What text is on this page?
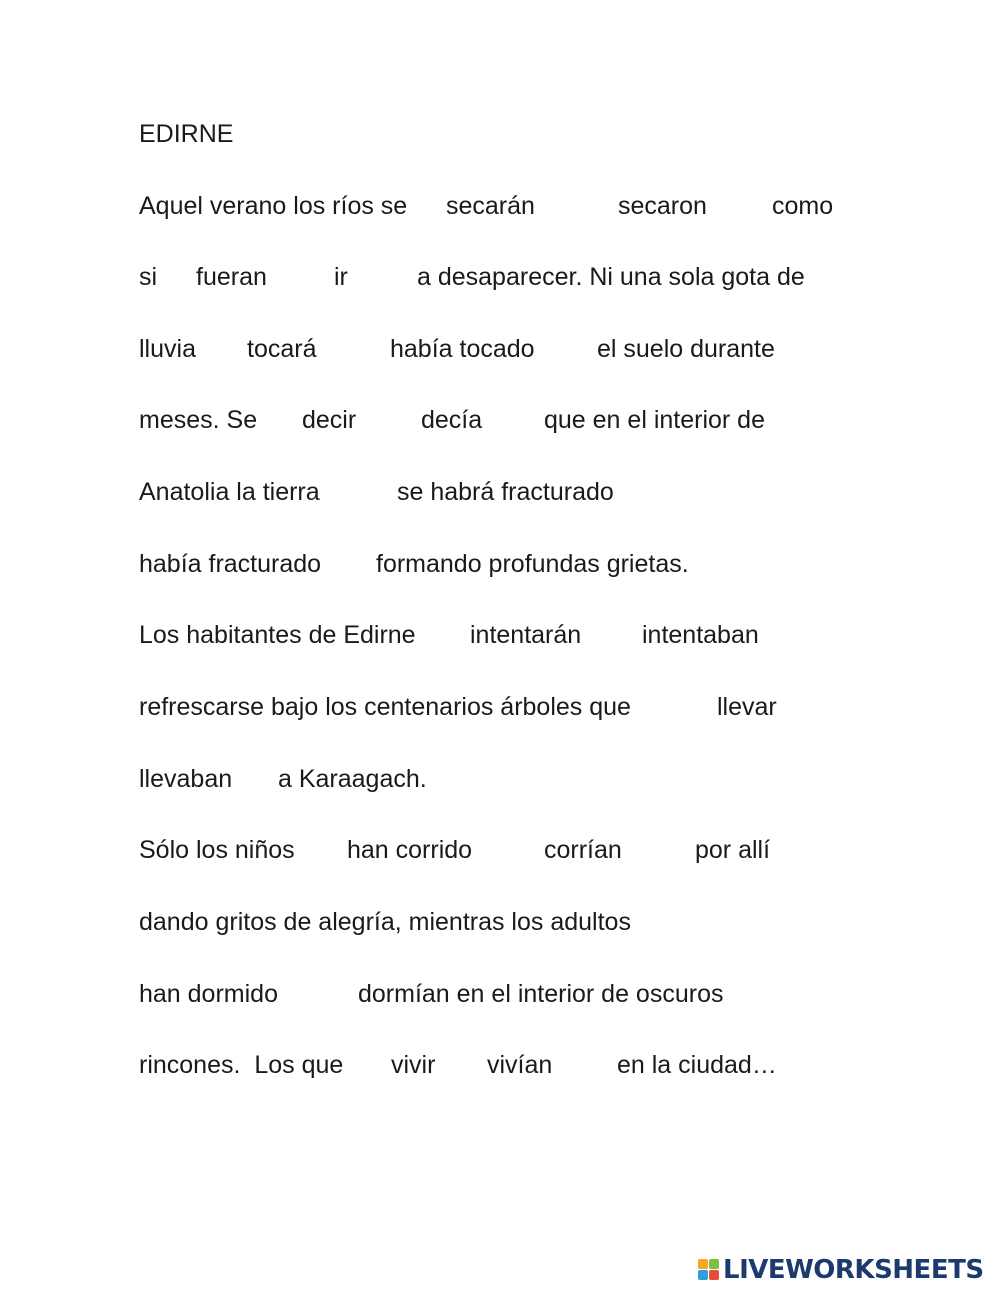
EDIRNE
Aquel verano los ríos se secarán	secaron	como
si fueran	ir	a desaparecer. Ni una sola gota de
lluvia tocará	había tocado el suelo durante
meses. Se decir	decía que en el interior de
Anatolia la tierra	se habrá fracturado
había fracturado formando profundas grietas.
Los habitantes de Edirne intentarán intentaban
refrescarse bajo los centenarios árboles que	llevar
llevaban a Karaagach.
Sólo los niños han corrido	corrían	por allí
dando gritos de alegría, mientras los adultos
han dormido	dormían en el interior de oscuros
rincones.  Los que vivir vivían	en la ciudad…
LIVEWORKSHEETS
